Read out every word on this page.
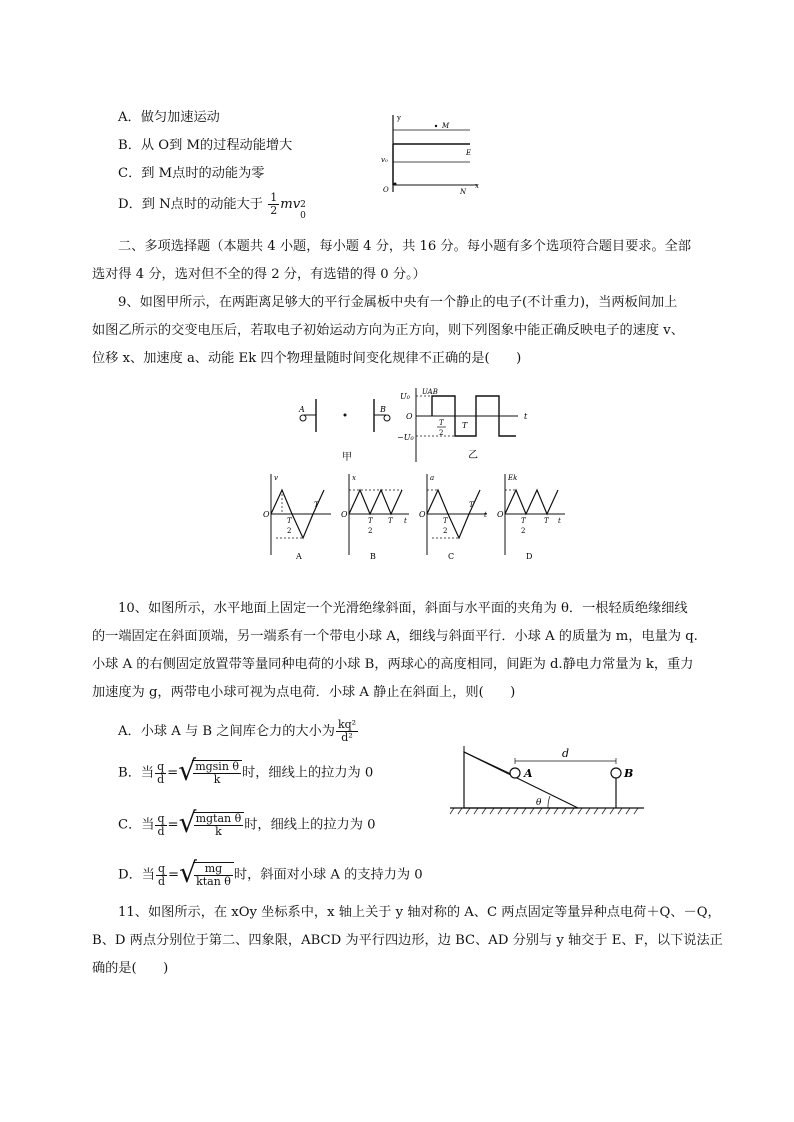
A．做匀加速运动
B．从 O到 M的过程动能增大
C．到 M点时的动能为零
D．到 N点时的动能大于 $\frac{1}{2}$ mv 2
0
y
M
E
v₀
O	N
x
二、多项选择题（本题共 4 小题，每小题 4 分，共 16 分。每小题有多个选项符合题目要求。全部
选对得 4 分，选对但不全的得 2 分，有选错的得 0 分。）
9、如图甲所示，在两距离足够大的平行金属板中央有一个静止的电子(不计重力)，当两板间加上
如图乙所示的交变电压后，若取电子初始运动方向为正方向，则下列图象中能正确反映电子的速度 v、
位移 x、加速度 a、动能 Ek 四个物理量随时间变化规律不正确的是(　　)
A	B
甲
UAB
U₀
O
−U₀
t
T
2
T
乙
v
O
T
2
T
A
x
O
T
2
T t
B
a
O
T
2
T
t
C
Ek
O
T
2
T t
D
10、如图所示，水平地面上固定一个光滑绝缘斜面，斜面与水平面的夹角为 θ．一根轻质绝缘细线
的一端固定在斜面顶端，另一端系有一个带电小球 A，细线与斜面平行．小球 A 的质量为 m，电量为 q.
小球 A 的右侧固定放置带等量同种电荷的小球 B，两球心的高度相同，间距为 d.静电力常量为 k，重力
加速度为 g，两带电小球可视为点电荷．小球 A 静止在斜面上，则(　　)
A．小球 A 与 B 之间库仑力的大小为 $\frac{\text{kq²}}{\text{d²}}$
B．当 $\frac{q}{d}$ = √ $\frac{\text{mgsin θ}}{k}$ 时，细线上的拉力为 0
C．当 $\frac{q}{d}$ = √ $\frac{\text{mgtan θ}}{k}$ 时，细线上的拉力为 0
D．当 $\frac{q}{d}$ = √ $\frac{mg}{\text{ktan θ}}$ 时，斜面对小球 A 的支持力为 0
d
A	B
θ
11、如图所示，在 xOy 坐标系中，x 轴上关于 y 轴对称的 A、C 两点固定等量异种点电荷＋Q、－Q，
B、D 两点分别位于第二、四象限，ABCD 为平行四边形，边 BC、AD 分别与 y 轴交于 E、F，以下说法正
确的是(　　)
